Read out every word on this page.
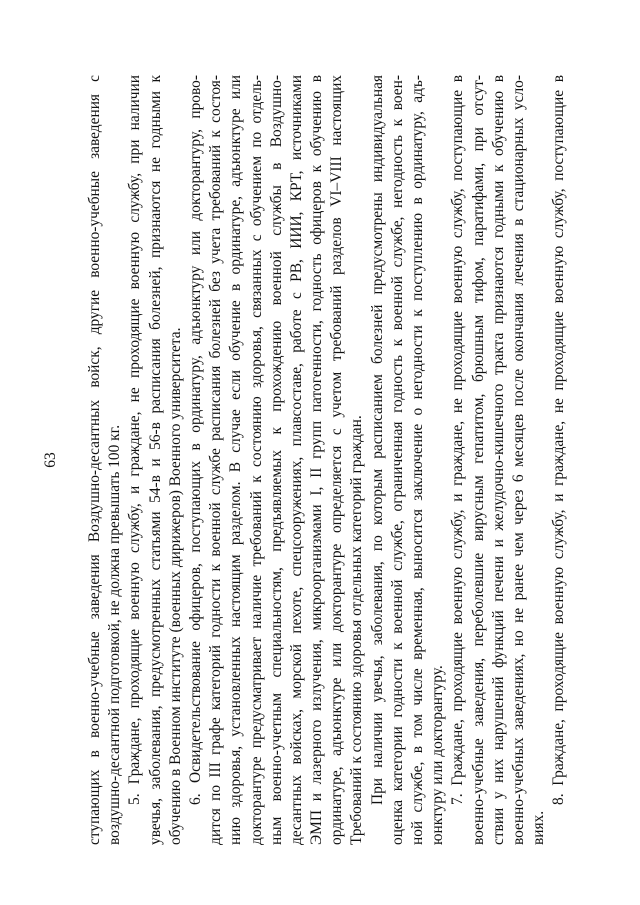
63 ступающих в военно-учебные заведения Воздушно-десантных войск, другие военно-учебные заведения с воздушно-десантной подготовкой, не должна превышать 100 кг. 5. Граждане, проходящие военную службу, и граждане, не проходящие военную службу, при наличии увечья, заболевания, предусмотренных статьями 54-в и 56-в расписания болезней, признаются не годными к обучению в Военном институте (военных дирижеров) Военного университета. 6. Освидетельствование офицеров, поступающих в ординатуру, адъюнктуру или докторантуру, прово- дится по III графе категорий годности к военной службе расписания болезней без учета требований к состоя- нию здоровья, установленных настоящим разделом. В случае если обучение в ординатуре, адъюнктуре или докторантуре предусматривает наличие требований к состоянию здоровья, связанных с обучением по отдель- ным военно-учетным специальностям, предъявляемых к прохождению военной службы в Воздушно- десантных войсках, морской пехоте, спецсооружениях, плавсоставе, работе с РВ, ИИИ, КРТ, источниками ЭМП и лазерного излучения, микроорганизмами I, II групп патогенности, годность офицеров к обучению в ординатуре, адъюнктуре или докторантуре определяется с учетом требований разделов VI–VIII настоящих Требований к состоянию здоровья отдельных категорий граждан. При наличии увечья, заболевания, по которым расписанием болезней предусмотрены индивидуальная оценка категории годности к военной службе, ограниченная годность к военной службе, негодность к воен- ной службе, в том числе временная, выносится заключение о негодности к поступлению в ординатуру, адъ- юнктуру или докторантуру. 7. Граждане, проходящие военную службу, и граждане, не проходящие военную службу, поступающие в военно-учебные заведения, переболевшие вирусным гепатитом, брюшным тифом, паратифами, при отсут- ствии у них нарушений функций печени и желудочно-кишечного тракта признаются годными к обучению в военно-учебных заведениях, но не ранее чем через 6 месяцев после окончания лечения в стационарных усло- виях.
8. Граждане, проходящие военную службу, и граждане, не проходящие военную службу, поступающие в
